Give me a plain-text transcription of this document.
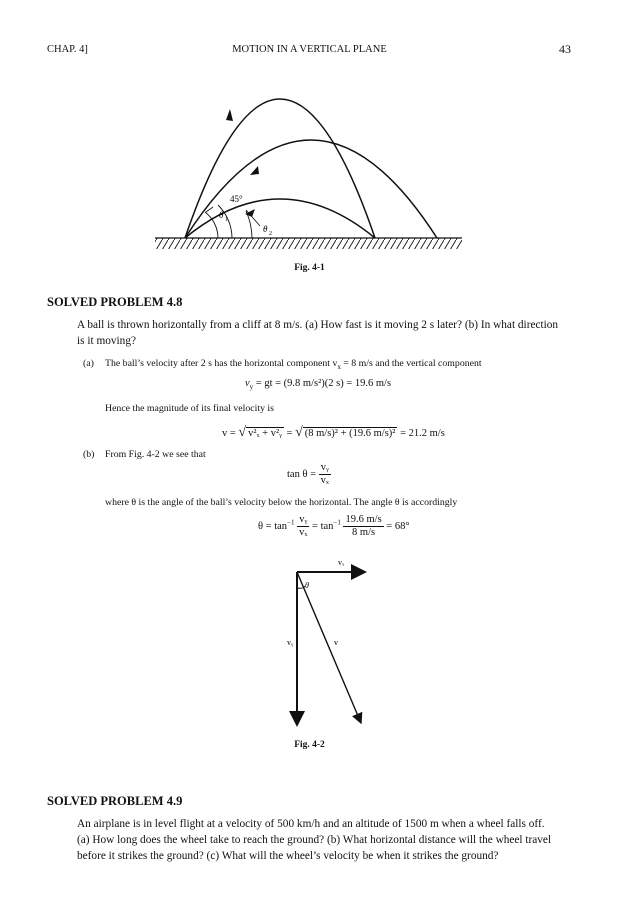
CHAP. 4]	MOTION IN A VERTICAL PLANE	43
45°
θ 1
θ 2
Fig. 4-1
SOLVED PROBLEM 4.8
A ball is thrown horizontally from a cliff at 8 m/s. (a) How fast is it moving 2 s later? (b) In what direction
is it moving?
(a) The ball’s velocity after 2 s has the horizontal component $v_x = 8$ m/s and the vertical component
$v_y$ = gt = (9.8 m/s²)(2 s) = 19.6 m/s
Hence the magnitude of its final velocity is
v = √ v²ₓ + v²ᵧ = √ (8 m/s)² + (19.6 m/s)² = 21.2 m/s
(b) From Fig. 4-2 we see that
$\tan \theta = \frac{\text{vᵧ}}{\text{vₓ}}$
where θ is the angle of the ball’s velocity below the horizontal. The angle θ is accordingly
$\theta = \tan^{-1} \frac{\text{vᵧ}}{\text{vₓ}} = \tan^{-1} \frac{19.6 m/s}{8 m/s} = 68^\circ$
vₓ
vᵧ	v
θ
Fig. 4-2
SOLVED PROBLEM 4.9
An airplane is in level flight at a velocity of 500 km/h and an altitude of 1500 m when a wheel falls off.
(a) How long does the wheel take to reach the ground? (b) What horizontal distance will the wheel travel
before it strikes the ground? (c) What will the wheel’s velocity be when it strikes the ground?
